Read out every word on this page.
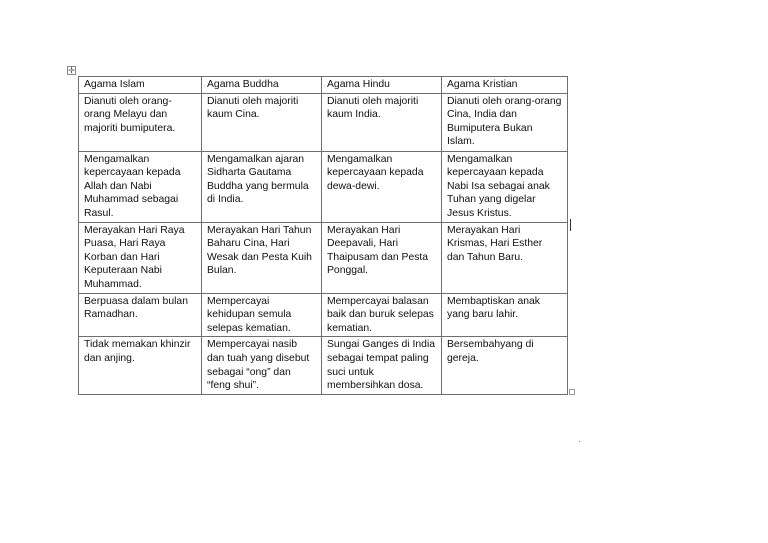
✛
Agama Islam	Agama Buddha	Agama Hindu	Agama Kristian
Dianuti oleh orang-orang Melayu dan majoriti bumiputera.	Dianuti oleh majoriti kaum Cina.	Dianuti oleh majoriti kaum India.	Dianuti oleh orang-orang Cina, India dan Bumiputera Bukan Islam.
Mengamalkan kepercayaan kepada Allah dan Nabi Muhammad sebagai Rasul.	Mengamalkan ajaran Sidharta Gautama Buddha yang bermula di India.	Mengamalkan kepercayaan kepada dewa-dewi.	Mengamalkan kepercayaan kepada Nabi Isa sebagai anak Tuhan yang digelar Jesus Kristus.
Merayakan Hari Raya Puasa, Hari Raya Korban dan Hari Keputeraan Nabi Muhammad.	Merayakan Hari Tahun Baharu Cina, Hari Wesak dan Pesta Kuih Bulan.	Merayakan Hari Deepavali, Hari Thaipusam dan Pesta Ponggal.	Merayakan Hari Krismas, Hari Esther dan Tahun Baru.
Berpuasa dalam bulan Ramadhan.	Mempercayai kehidupan semula selepas kematian.	Mempercayai balasan baik dan buruk selepas kematian.	Membaptiskan anak yang baru lahir.
Tidak memakan khinzir dan anjing.	Mempercayai nasib dan tuah yang disebut sebagai “ong” dan “feng shui”.	Sungai Ganges di India sebagai tempat paling suci untuk membersihkan dosa.	Bersembahyang di gereja.
